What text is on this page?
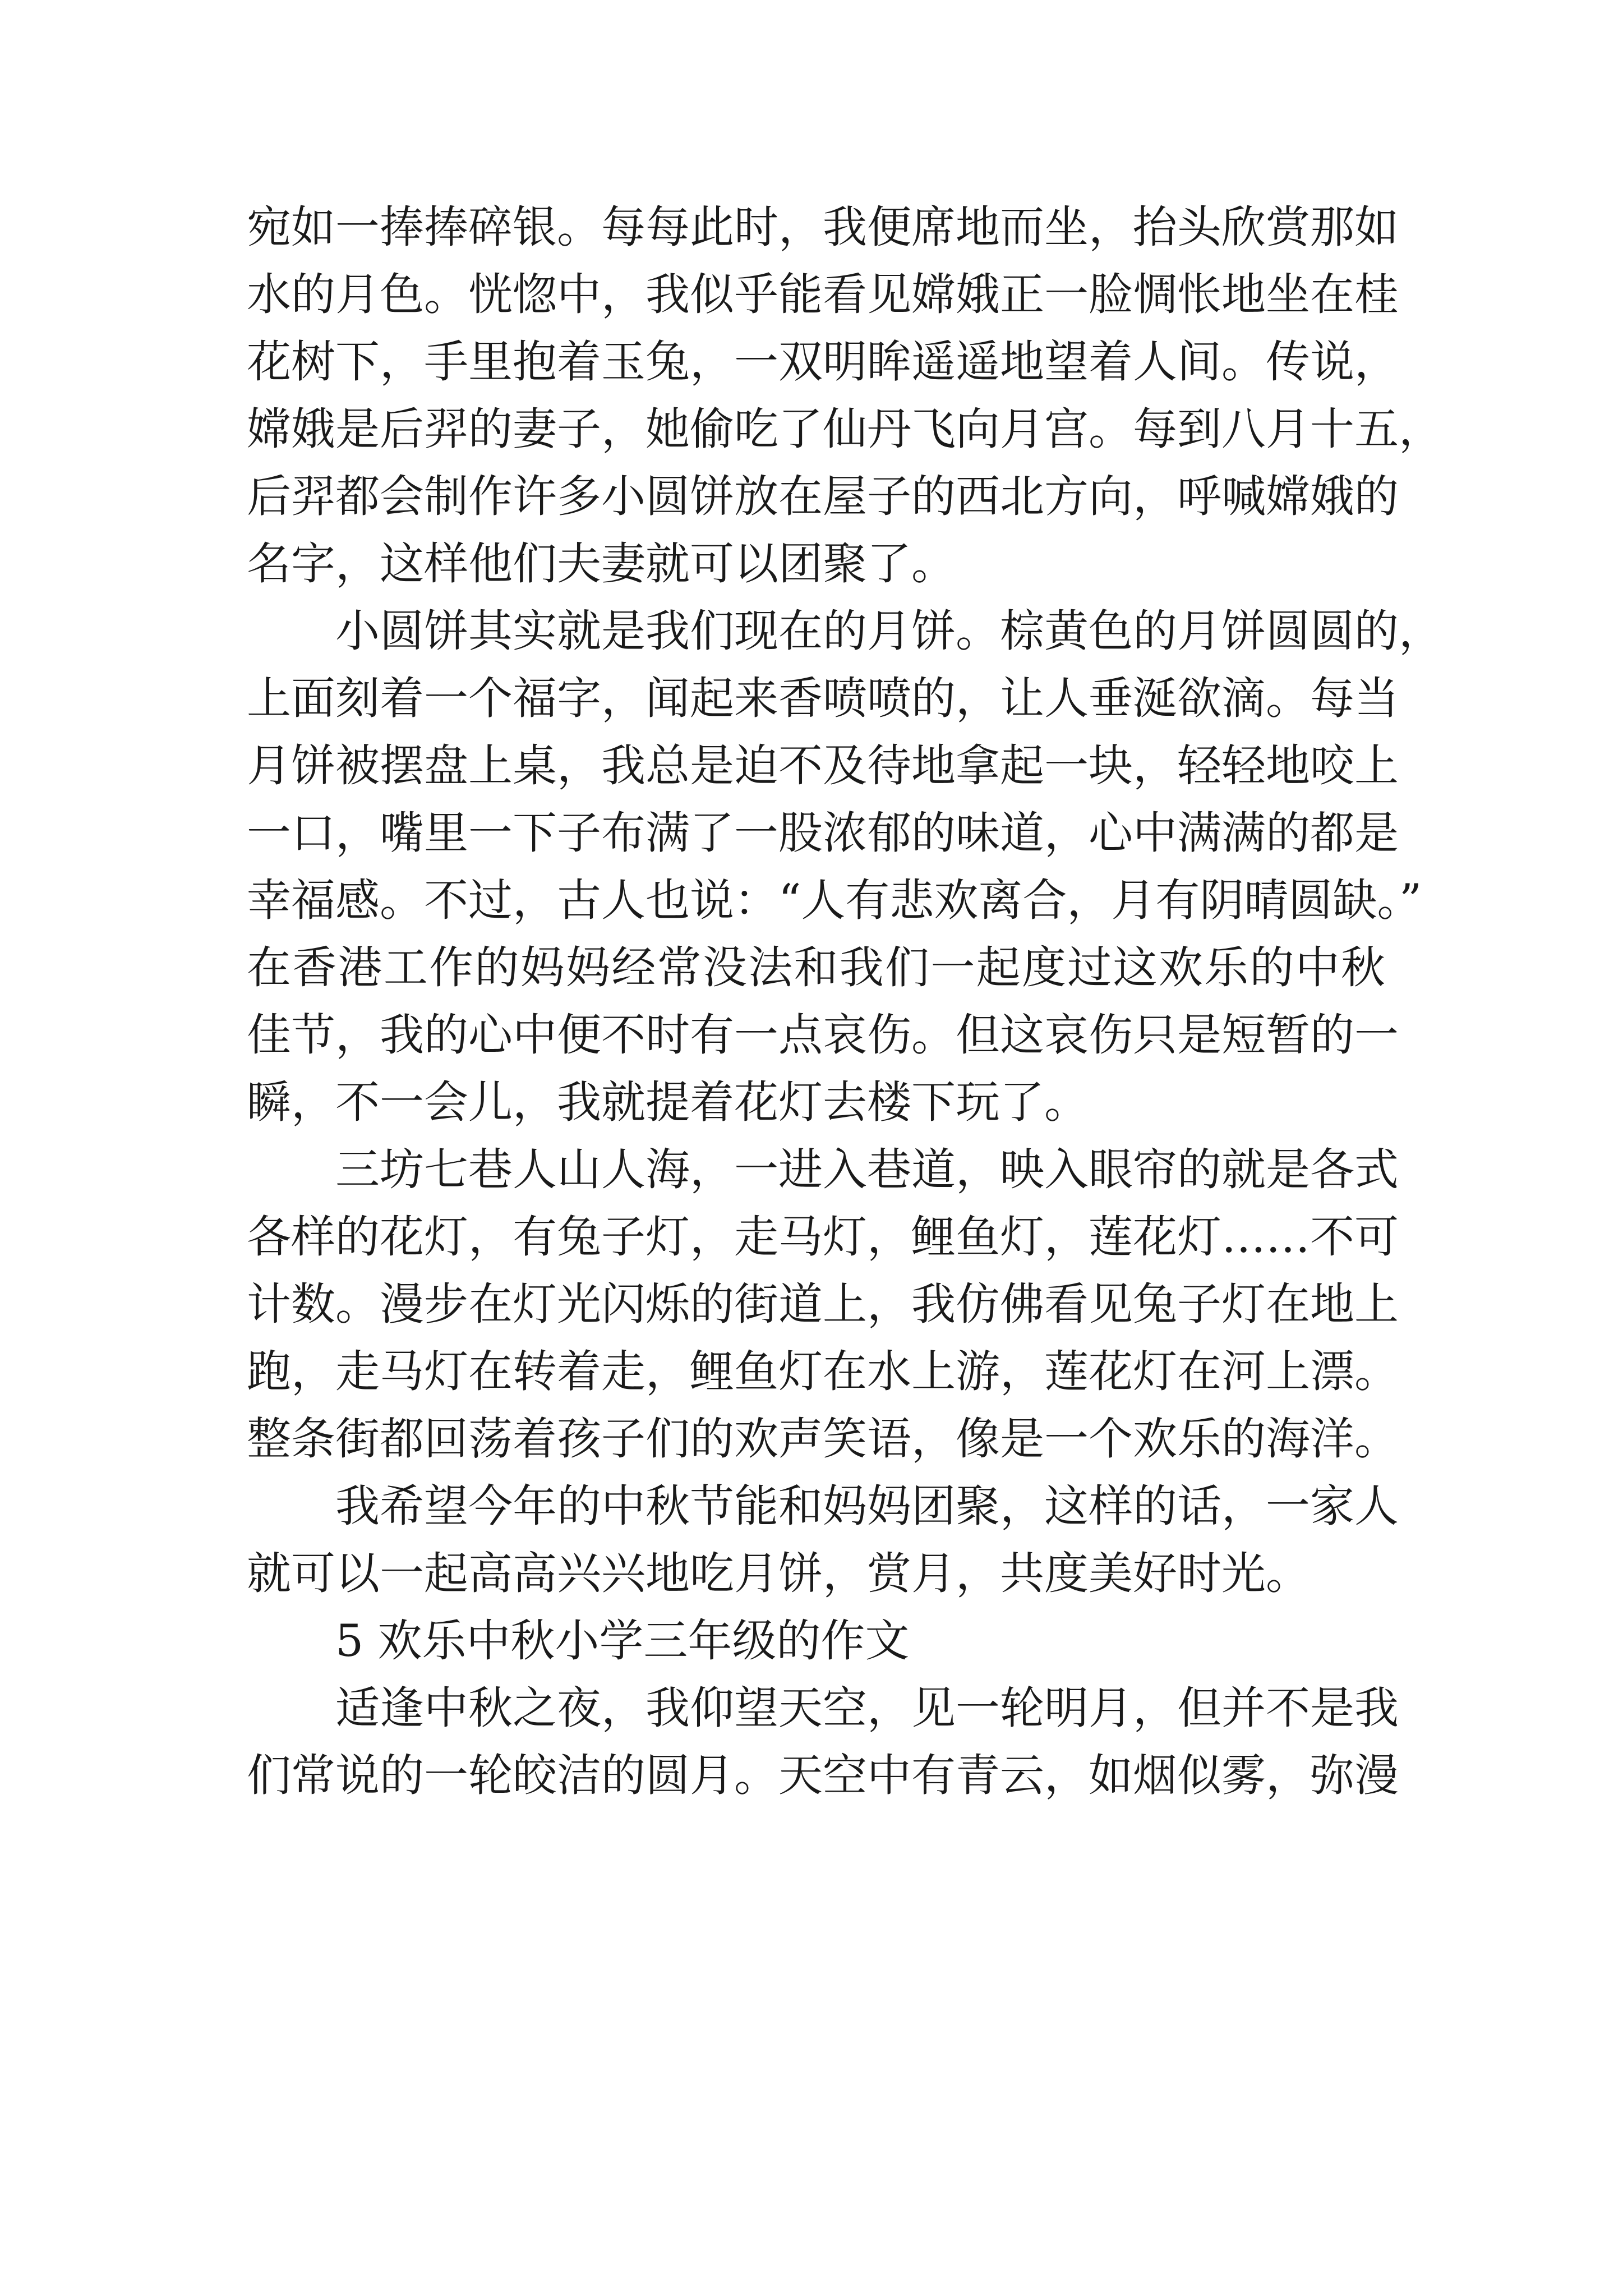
宛如一捧捧碎银。每每此时，我便席地而坐，抬头欣赏那如
水的月色。恍惚中，我似乎能看见嫦娥正一脸惆怅地坐在桂
花树下，手里抱着玉兔，一双明眸遥遥地望着人间。传说，
嫦娥是后羿的妻子，她偷吃了仙丹飞向月宫。每到八月十五，
后羿都会制作许多小圆饼放在屋子的西北方向，呼喊嫦娥的
名字，这样他们夫妻就可以团聚了。
小圆饼其实就是我们现在的月饼。棕黄色的月饼圆圆的，
上面刻着一个福字，闻起来香喷喷的，让人垂涎欲滴。每当
月饼被摆盘上桌，我总是迫不及待地拿起一块，轻轻地咬上
一口，嘴里一下子布满了一股浓郁的味道，心中满满的都是
幸福感。不过，古人也说：“人有悲欢离合，月有阴晴圆缺。”
在香港工作的妈妈经常没法和我们一起度过这欢乐的中秋
佳节，我的心中便不时有一点哀伤。但这哀伤只是短暂的一
瞬，不一会儿，我就提着花灯去楼下玩了。
三坊七巷人山人海，一进入巷道，映入眼帘的就是各式
各样的花灯，有兔子灯，走马灯，鲤鱼灯，莲花灯……不可
计数。漫步在灯光闪烁的街道上，我仿佛看见兔子灯在地上
跑，走马灯在转着走，鲤鱼灯在水上游，莲花灯在河上漂。
整条街都回荡着孩子们的欢声笑语，像是一个欢乐的海洋。
我希望今年的中秋节能和妈妈团聚，这样的话，一家人
就可以一起高高兴兴地吃月饼，赏月，共度美好时光。
5 欢乐中秋小学三年级的作文
适逢中秋之夜，我仰望天空，见一轮明月，但并不是我
们常说的一轮皎洁的圆月。天空中有青云，如烟似雾，弥漫
